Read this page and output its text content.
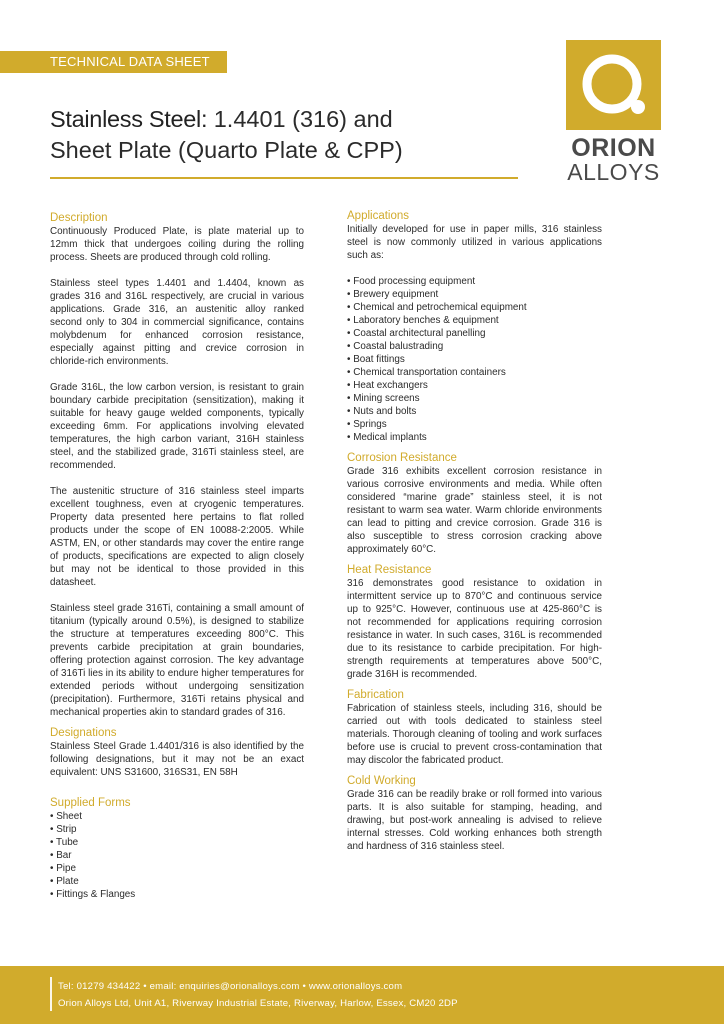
TECHNICAL DATA SHEET
Stainless Steel: 1.4401 (316) and
Sheet Plate (Quarto Plate & CPP)	ORION
ALLOYS
Description

Continuously Produced Plate, is plate material up to 12mm thick that undergoes coiling during the rolling process. Sheets are produced through cold rolling.

Stainless steel types 1.4401 and 1.4404, known as grades 316 and 316L respectively, are crucial in various applications. Grade 316, an austenitic alloy ranked second only to 304 in commercial significance, contains molybdenum for enhanced corrosion resistance, especially against pitting and crevice corrosion in chloride-rich environments.

Grade 316L, the low carbon version, is resistant to grain boundary carbide precipitation (sensitization), making it suitable for heavy gauge welded components, typically exceeding 6mm. For applications involving elevated temperatures, the high carbon variant, 316H stainless steel, and the stabilized grade, 316Ti stainless steel, are recommended.

The austenitic structure of 316 stainless steel imparts excellent toughness, even at cryogenic temperatures. Property data presented here pertains to flat rolled products under the scope of EN 10088-2:2005. While ASTM, EN, or other standards may cover the entire range of products, specifications are expected to align closely but may not be identical to those provided in this datasheet.

Stainless steel grade 316Ti, containing a small amount of titanium (typically around 0.5%), is designed to stabilize the structure at temperatures exceeding 800°C. This prevents carbide precipitation at grain boundaries, offering protection against corrosion. The key advantage of 316Ti lies in its ability to endure higher temperatures for extended periods without undergoing sensitization (precipitation). Furthermore, 316Ti retains physical and mechanical properties akin to standard grades of 316.

Designations

Stainless Steel Grade 1.4401/316 is also identified by the following designations, but it may not be an exact equivalent: UNS S31600, 316S31, EN 58H

Supplied Forms
• Sheet
• Strip
• Tube
• Bar
• Pipe
• Plate
• Fittings & Flanges
Applications

Initially developed for use in paper mills, 316 stainless steel is now commonly utilized in various applications such as:

• Food processing equipment
• Brewery equipment
• Chemical and petrochemical equipment
• Laboratory benches & equipment
• Coastal architectural panelling
• Coastal balustrading
• Boat fittings
• Chemical transportation containers
• Heat exchangers
• Mining screens
• Nuts and bolts
• Springs
• Medical implants
Corrosion Resistance

Grade 316 exhibits excellent corrosion resistance in various corrosive environments and media. While often considered “marine grade” stainless steel, it is not resistant to warm sea water. Warm chloride environments can lead to pitting and crevice corrosion. Grade 316 is also susceptible to stress corrosion cracking above approximately 60°C.

Heat Resistance

316 demonstrates good resistance to oxidation in intermittent service up to 870°C and continuous service up to 925°C. However, continuous use at 425-860°C is not recommended for applications requiring corrosion resistance in water. In such cases, 316L is recommended due to its resistance to carbide precipitation. For high-strength requirements at temperatures above 500°C, grade 316H is recommended.

Fabrication

Fabrication of stainless steels, including 316, should be carried out with tools dedicated to stainless steel materials. Thorough cleaning of tooling and work surfaces before use is crucial to prevent cross-contamination that may discolor the fabricated product.

Cold Working

Grade 316 can be readily brake or roll formed into various parts. It is also suitable for stamping, heading, and drawing, but post-work annealing is advised to relieve internal stresses. Cold working enhances both strength and hardness of 316 stainless steel.

Tel: 01279 434422 • email: enquiries@orionalloys.com • www.orionalloys.com
Orion Alloys Ltd, Unit A1, Riverway Industrial Estate, Riverway, Harlow, Essex, CM20 2DP
